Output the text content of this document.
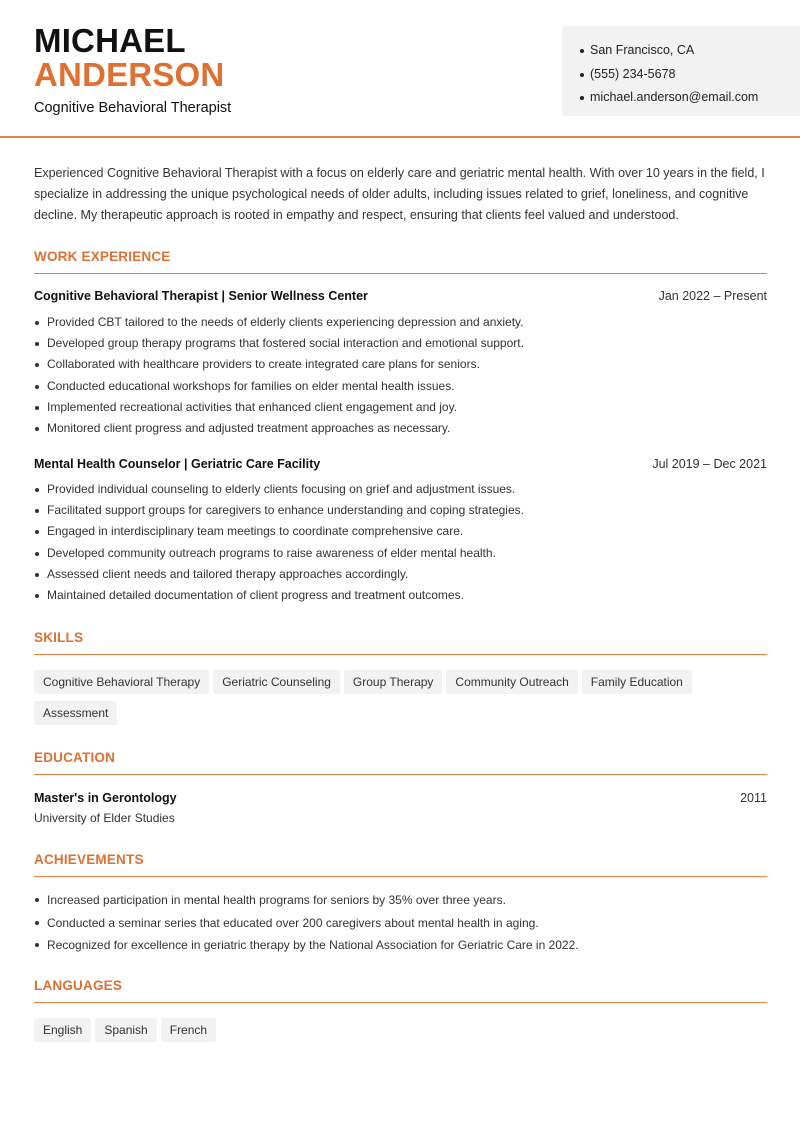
MICHAEL
ANDERSON
Cognitive Behavioral Therapist
San Francisco, CA
(555) 234-5678
michael.anderson@email.com

Experienced Cognitive Behavioral Therapist with a focus on elderly care and geriatric mental health. With over 10 years in the field, I specialize in addressing the unique psychological needs of older adults, including issues related to grief, loneliness, and cognitive decline. My therapeutic approach is rooted in empathy and respect, ensuring that clients feel valued and understood.

WORK EXPERIENCE
Cognitive Behavioral Therapist | Senior Wellness Center	Jan 2022 – Present
Provided CBT tailored to the needs of elderly clients experiencing depression and anxiety.
Developed group therapy programs that fostered social interaction and emotional support.
Collaborated with healthcare providers to create integrated care plans for seniors.
Conducted educational workshops for families on elder mental health issues.
Implemented recreational activities that enhanced client engagement and joy.
Monitored client progress and adjusted treatment approaches as necessary.
Mental Health Counselor | Geriatric Care Facility	Jul 2019 – Dec 2021
Provided individual counseling to elderly clients focusing on grief and adjustment issues.
Facilitated support groups for caregivers to enhance understanding and coping strategies.
Engaged in interdisciplinary team meetings to coordinate comprehensive care.
Developed community outreach programs to raise awareness of elder mental health.
Assessed client needs and tailored therapy approaches accordingly.
Maintained detailed documentation of client progress and treatment outcomes.
SKILLS
Cognitive Behavioral Therapy Geriatric Counseling Group Therapy Community Outreach Family EducationAssessment
EDUCATION
Master's in Gerontology	2011
University of Elder Studies
ACHIEVEMENTS
Increased participation in mental health programs for seniors by 35% over three years.
Conducted a seminar series that educated over 200 caregivers about mental health in aging.
Recognized for excellence in geriatric therapy by the National Association for Geriatric Care in 2022.
LANGUAGES
English Spanish French
